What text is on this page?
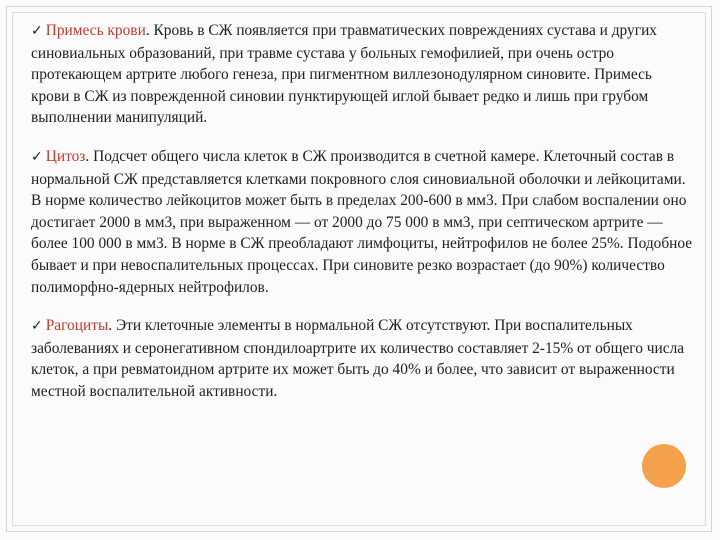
✓ Примесь крови. Кровь в СЖ появляется при травматических повреждениях сустава и других синовиальных образований, при травме сустава у больных гемофилией, при очень остро протекающем артрите любого генеза, при пигментном виллезонодулярном синовите. Примесь крови в СЖ из поврежденной синовии пунктирующей иглой бывает редко и лишь при грубом выполнении манипуляций.

✓ Цитоз. Подсчет общего числа клеток в СЖ производится в счетной камере. Клеточный состав в нормальной СЖ представляется клетками покровного слоя синовиальной оболочки и лейкоцитами. В норме количество лейкоцитов может быть в пределах 200-600 в мм3. При слабом воспалении оно достигает 2000 в мм3, при выраженном — от 2000 до 75 000 в мм3, при септическом артрите — более 100 000 в мм3. В норме в СЖ преобладают лимфоциты, нейтрофилов не более 25%. Подобное бывает и при невоспалительных процессах. При синовите резко возрастает (до 90%) количество полиморфно-ядерных нейтрофилов.

✓ Рагоциты. Эти клеточные элементы в нормальной СЖ отсутствуют. При воспалительных заболеваниях и серонегативном спондилоартрите их количество составляет 2-15% от общего числа клеток, а при ревматоидном артрите их может быть до 40% и более, что зависит от выраженности местной воспалительной активности.
